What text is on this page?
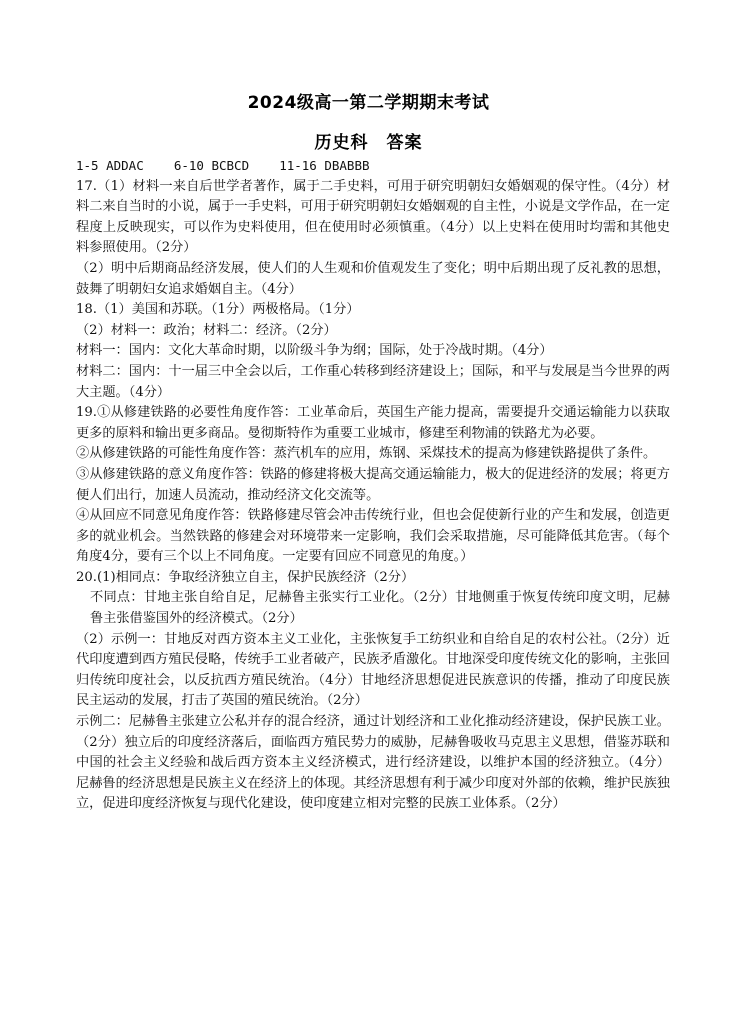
2024级高一第二学期期末考试
历史科　答案

1-5 ADDAC    6-10 BCBCD    11-16 DBABBB

17.（1）材料一来自后世学者著作，属于二手史料，可用于研究明朝妇女婚姻观的保守性。（4分）材料二来自当时的小说，属于一手史料，可用于研究明朝妇女婚姻观的自主性，小说是文学作品，在一定程度上反映现实，可以作为史料使用，但在使用时必须慎重。（4分）以上史料在使用时均需和其他史料参照使用。（2分）

（2）明中后期商品经济发展，使人们的人生观和价值观发生了变化；明中后期出现了反礼教的思想，鼓舞了明朝妇女追求婚姻自主。（4分）

18.（1）美国和苏联。（1分）两极格局。（1分）

（2）材料一：政治；材料二：经济。（2分）

材料一：国内：文化大革命时期，以阶级斗争为纲；国际，处于冷战时期。（4分）

材料二：国内：十一届三中全会以后，工作重心转移到经济建设上；国际，和平与发展是当今世界的两大主题。（4分）

19.①从修建铁路的必要性角度作答：工业革命后，英国生产能力提高，需要提升交通运输能力以获取更多的原料和输出更多商品。曼彻斯特作为重要工业城市，修建至利物浦的铁路尤为必要。

②从修建铁路的可能性角度作答：蒸汽机车的应用，炼钢、采煤技术的提高为修建铁路提供了条件。

③从修建铁路的意义角度作答：铁路的修建将极大提高交通运输能力，极大的促进经济的发展；将更方便人们出行，加速人员流动，推动经济文化交流等。

④从回应不同意见角度作答：铁路修建尽管会冲击传统行业，但也会促使新行业的产生和发展，创造更多的就业机会。当然铁路的修建会对环境带来一定影响，我们会采取措施，尽可能降低其危害。（每个角度4分，要有三个以上不同角度。一定要有回应不同意见的角度。）

20.(1)相同点：争取经济独立自主，保护民族经济（2分）

不同点：甘地主张自给自足，尼赫鲁主张实行工业化。（2分）甘地侧重于恢复传统印度文明，尼赫鲁主张借鉴国外的经济模式。（2分）

（2）示例一：甘地反对西方资本主义工业化，主张恢复手工纺织业和自给自足的农村公社。（2分）近代印度遭到西方殖民侵略，传统手工业者破产，民族矛盾激化。甘地深受印度传统文化的影响，主张回归传统印度社会，以反抗西方殖民统治。（4分）甘地经济思想促进民族意识的传播，推动了印度民族民主运动的发展，打击了英国的殖民统治。（2分）

示例二：尼赫鲁主张建立公私并存的混合经济，通过计划经济和工业化推动经济建设，保护民族工业。（2分）独立后的印度经济落后，面临西方殖民势力的威胁，尼赫鲁吸收马克思主义思想，借鉴苏联和中国的社会主义经验和战后西方资本主义经济模式，进行经济建设，以维护本国的经济独立。（4分）尼赫鲁的经济思想是民族主义在经济上的体现。其经济思想有利于减少印度对外部的依赖，维护民族独立，促进印度经济恢复与现代化建设，使印度建立相对完整的民族工业体系。（2分）
